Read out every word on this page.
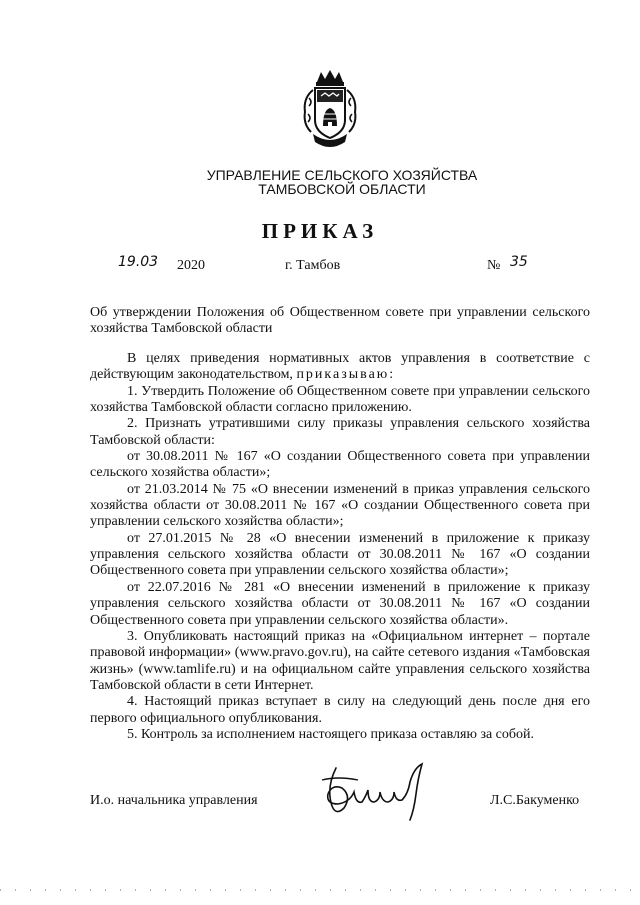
УПРАВЛЕНИЕ СЕЛЬСКОГО ХОЗЯЙСТВА
ТАМБОВСКОЙ ОБЛАСТИ
ПРИКАЗ
19.03 2020	г. Тамбов	№ 35
Об утверждении Положения об Общественном совете при управлении сельского хозяйства Тамбовской области

В целях приведения нормативных актов управления в соответствие с действующим законодательством, приказываю:

1. Утвердить Положение об Общественном совете при управлении сельского хозяйства Тамбовской области согласно приложению.

2. Признать утратившими силу приказы управления сельского хозяйства Тамбовской области:

от 30.08.2011 № 167 «О создании Общественного совета при управлении сельского хозяйства области»;

от 21.03.2014 № 75 «О внесении изменений в приказ управления сельского хозяйства области от 30.08.2011 № 167 «О создании Общественного совета при управлении сельского хозяйства области»;

от 27.01.2015 № 28 «О внесении изменений в приложение к приказу управления сельского хозяйства области от 30.08.2011 № 167 «О создании Общественного совета при управлении сельского хозяйства области»;

от 22.07.2016 № 281 «О внесении изменений в приложение к приказу управления сельского хозяйства области от 30.08.2011 № 167 «О создании Общественного совета при управлении сельского хозяйства области».

3. Опубликовать настоящий приказ на «Официальном интернет – портале правовой информации» (www.pravo.gov.ru), на сайте сетевого издания «Тамбовская жизнь» (www.tamlife.ru) и на официальном сайте управления сельского хозяйства Тамбовской области в сети Интернет.

4. Настоящий приказ вступает в силу на следующий день после дня его первого официального опубликования.

5. Контроль за исполнением настоящего приказа оставляю за собой.

И.о. начальника управления	Л.С.Бакуменко
